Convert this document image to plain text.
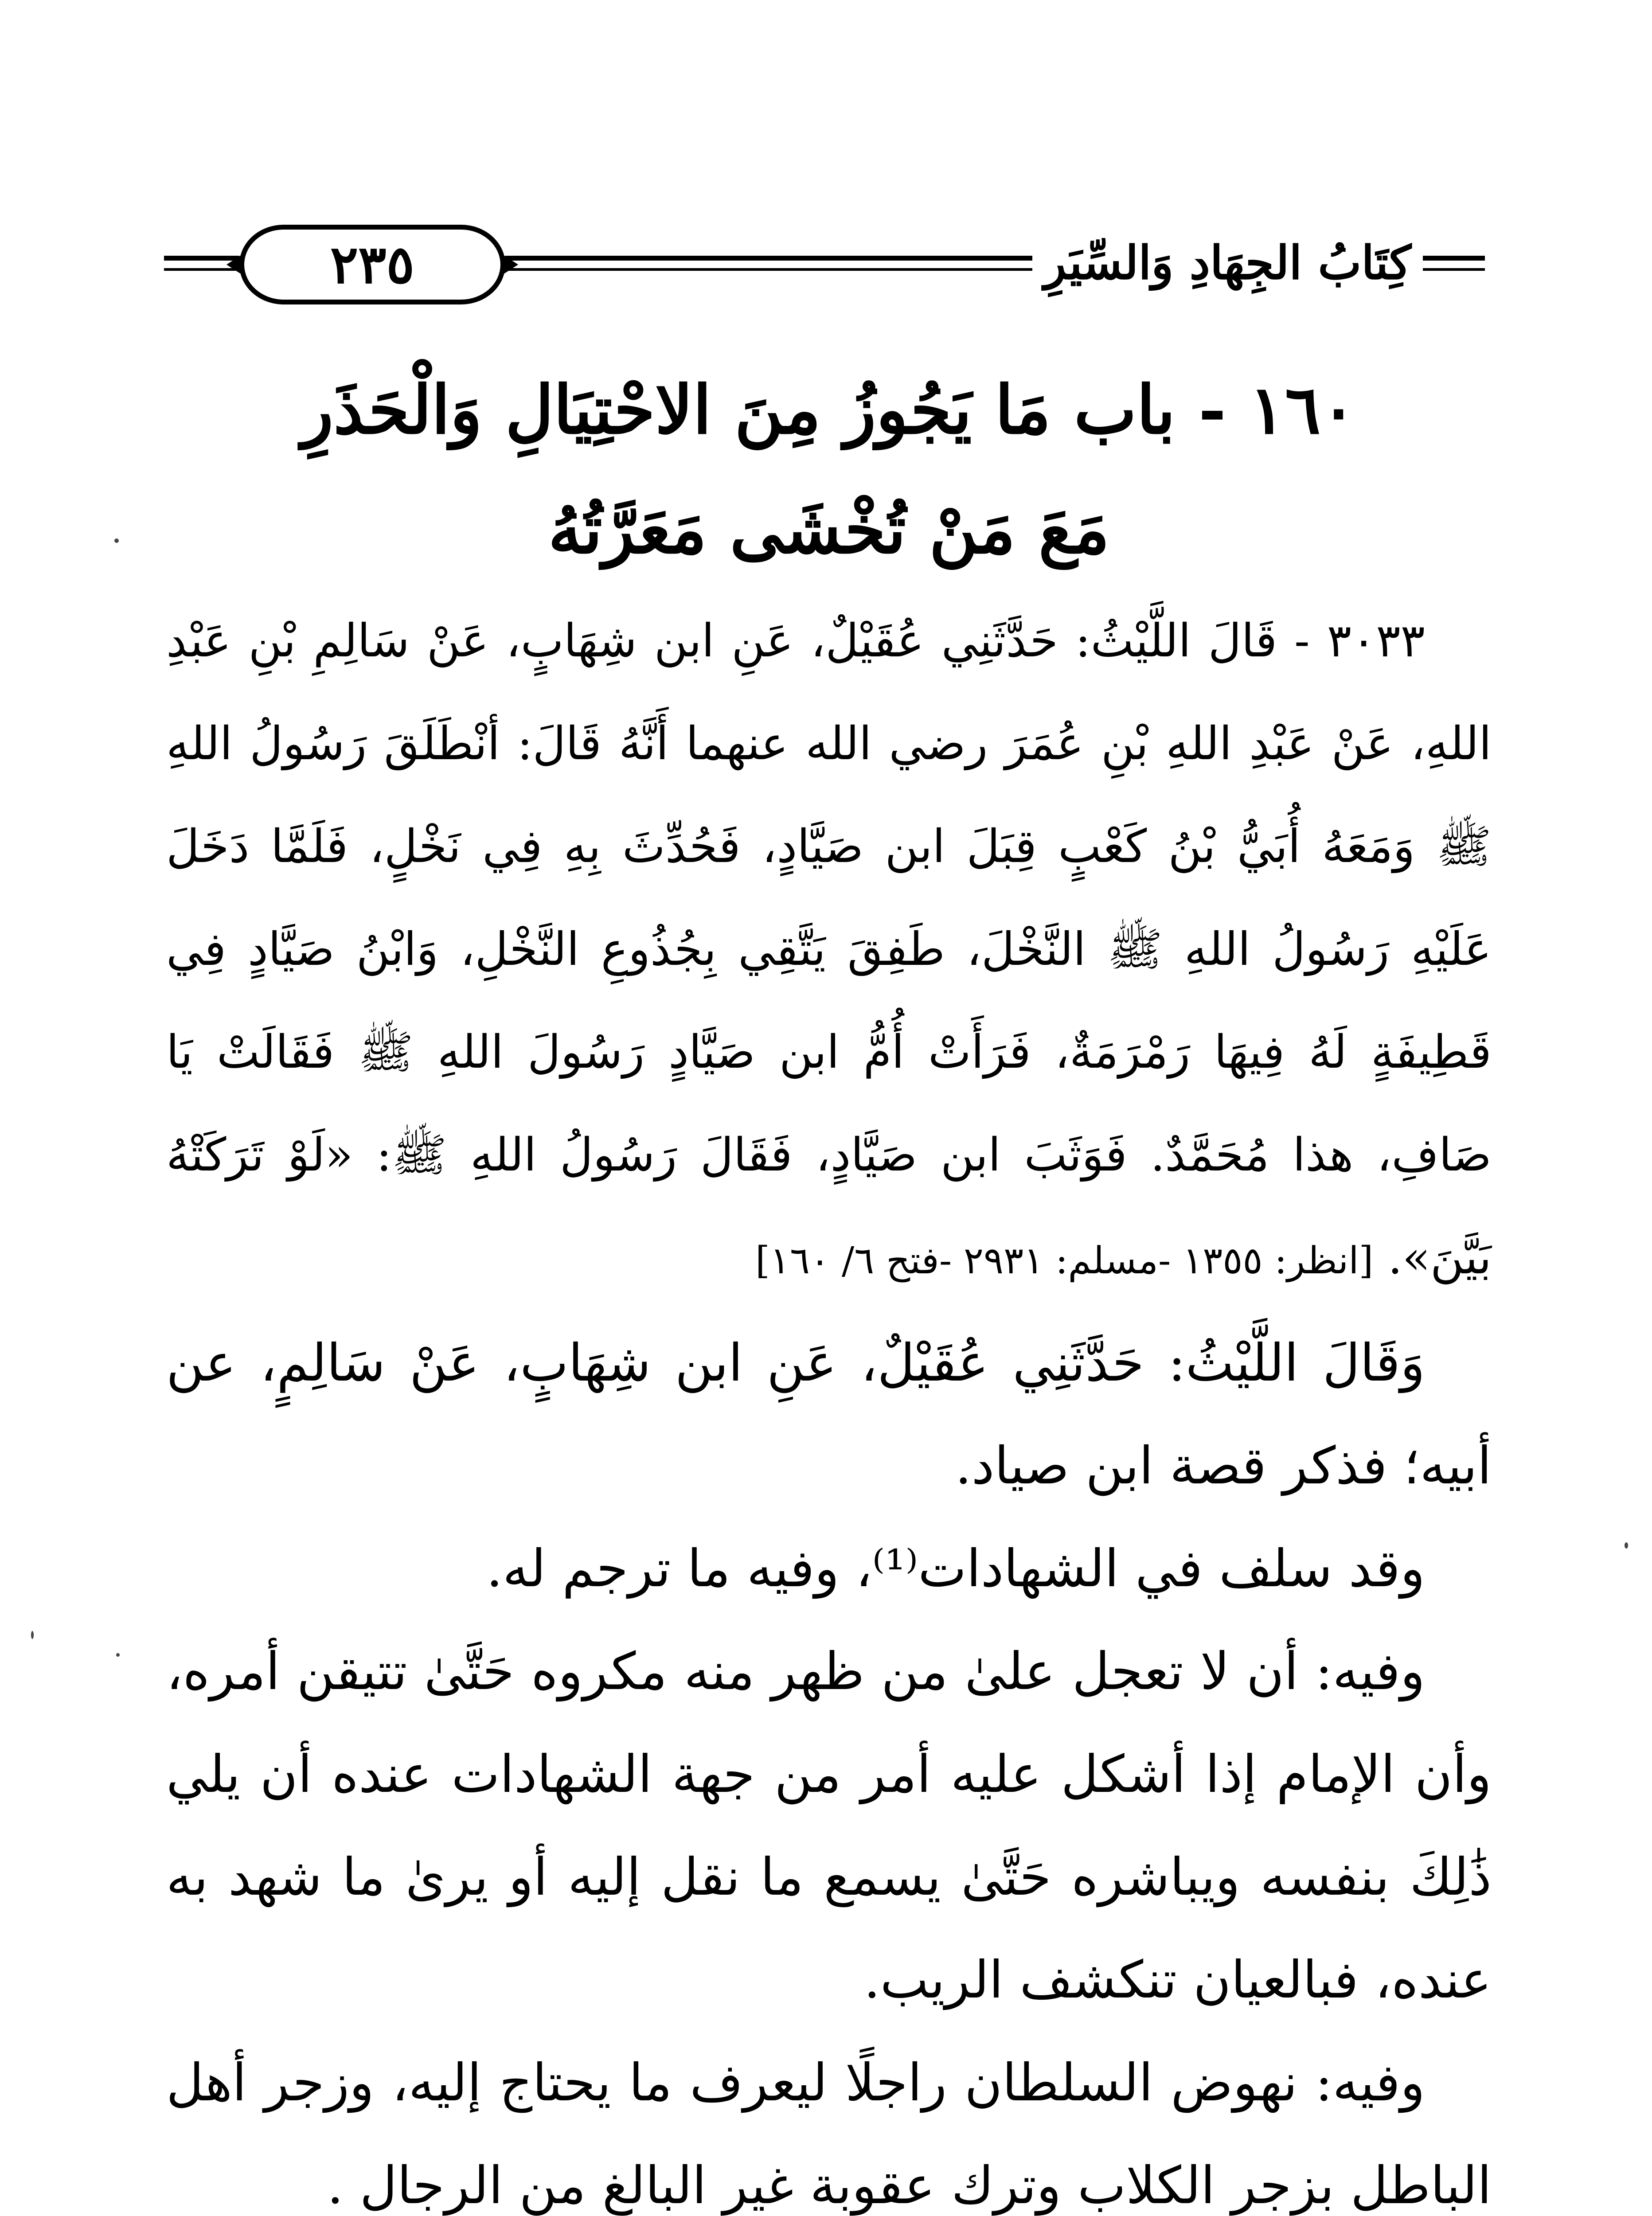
٢٣٥	كِتَابُ الجِهَادِ وَالسِّيَرِ
١٦٠ - باب مَا يَجُوزُ مِنَ الاحْتِيَالِ وَالْحَذَرِ
مَعَ مَنْ تُخْشَى مَعَرَّتُهُ

٣٠٣٣ - قَالَ اللَّيْثُ: حَدَّثَنِي عُقَيْلٌ، عَنِ ابن شِهَابٍ، عَنْ سَالِمِ بْنِ عَبْدِ اللهِ، عَنْ عَبْدِ اللهِ بْنِ عُمَرَ رضي الله عنهما أَنَّهُ قَالَ: أنْطَلَقَ رَسُولُ اللهِ ﷺ وَمَعَهُ أُبَيُّ بْنُ كَعْبٍ قِبَلَ ابن صَيَّادٍ، فَحُدِّثَ بِهِ فِي نَخْلٍ، فَلَمَّا دَخَلَ عَلَيْهِ رَسُولُ اللهِ ﷺ النَّخْلَ، طَفِقَ يَتَّقِي بِجُذُوعِ النَّخْلِ، وَابْنُ صَيَّادٍ فِي قَطِيفَةٍ لَهُ فِيهَا رَمْرَمَةٌ، فَرَأَتْ أُمُّ ابن صَيَّادٍ رَسُولَ اللهِ ﷺ فَقَالَتْ يَا صَافِ، هذا مُحَمَّدٌ. فَوَثَبَ ابن صَيَّادٍ، فَقَالَ رَسُولُ اللهِ ﷺ: «لَوْ تَرَكَتْهُ بَيَّنَ». [انظر: ١٣٥٥ -مسلم: ٢٩٣١ -فتح ٦/ ١٦٠]

وَقَالَ اللَّيْثُ: حَدَّثَنِي عُقَيْلٌ، عَنِ ابن شِهَابٍ، عَنْ سَالِمٍ، عن أبيه؛ فذكر قصة ابن صياد.

وقد سلف في الشهادات⁽¹⁾، وفيه ما ترجم له.

وفيه: أن لا تعجل علىٰ من ظهر منه مكروه حَتَّىٰ تتيقن أمره، وأن الإمام إذا أشكل عليه أمر من جهة الشهادات عنده أن يلي ذَٰلِكَ بنفسه ويباشره حَتَّىٰ يسمع ما نقل إليه أو يرىٰ ما شهد به عنده، فبالعيان تنكشف الريب.

وفيه: نهوض السلطان راجلًا ليعرف ما يحتاج إليه، وزجر أهل الباطل بزجر الكلاب وترك عقوبة غير البالغ من الرجال .
